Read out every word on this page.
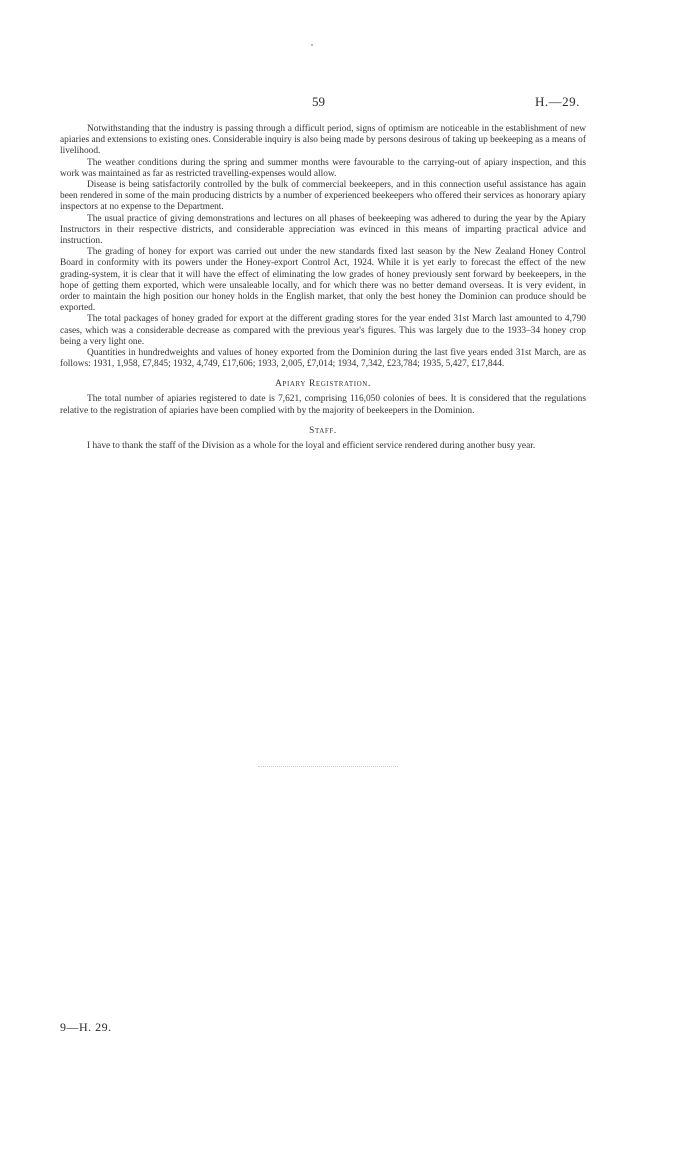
59	H.—29.

Notwithstanding that the industry is passing through a difficult period, signs of optimism are noticeable in the establishment of new apiaries and extensions to existing ones. Considerable inquiry is also being made by persons desirous of taking up beekeeping as a means of livelihood.

The weather conditions during the spring and summer months were favourable to the carrying-out of apiary inspection, and this work was maintained as far as restricted travelling-expenses would allow.

Disease is being satisfactorily controlled by the bulk of commercial beekeepers, and in this connection useful assistance has again been rendered in some of the main producing districts by a number of experienced beekeepers who offered their services as honorary apiary inspectors at no expense to the Department.

The usual practice of giving demonstrations and lectures on all phases of beekeeping was adhered to during the year by the Apiary Instructors in their respective districts, and considerable appreciation was evinced in this means of imparting practical advice and instruction.

The grading of honey for export was carried out under the new standards fixed last season by the New Zealand Honey Control Board in conformity with its powers under the Honey-export Control Act, 1924. While it is yet early to forecast the effect of the new grading-system, it is clear that it will have the effect of eliminating the low grades of honey previously sent forward by beekeepers, in the hope of getting them exported, which were unsaleable locally, and for which there was no better demand overseas. It is very evident, in order to maintain the high position our honey holds in the English market, that only the best honey the Dominion can produce should be exported.

The total packages of honey graded for export at the different grading stores for the year ended 31st March last amounted to 4,790 cases, which was a considerable decrease as compared with the previous year's figures. This was largely due to the 1933–34 honey crop being a very light one.

Quantities in hundredweights and values of honey exported from the Dominion during the last five years ended 31st March, are as follows: 1931, 1,958, £7,845; 1932, 4,749, £17,606; 1933, 2,005, £7,014; 1934, 7,342, £23,784; 1935, 5,427, £17,844.

Apiary Registration.

The total number of apiaries registered to date is 7,621, comprising 116,050 colonies of bees. It is considered that the regulations relative to the registration of apiaries have been complied with by the majority of beekeepers in the Dominion.

Staff.

I have to thank the staff of the Division as a whole for the loyal and efficient service rendered during another busy year.

9—H. 29.
